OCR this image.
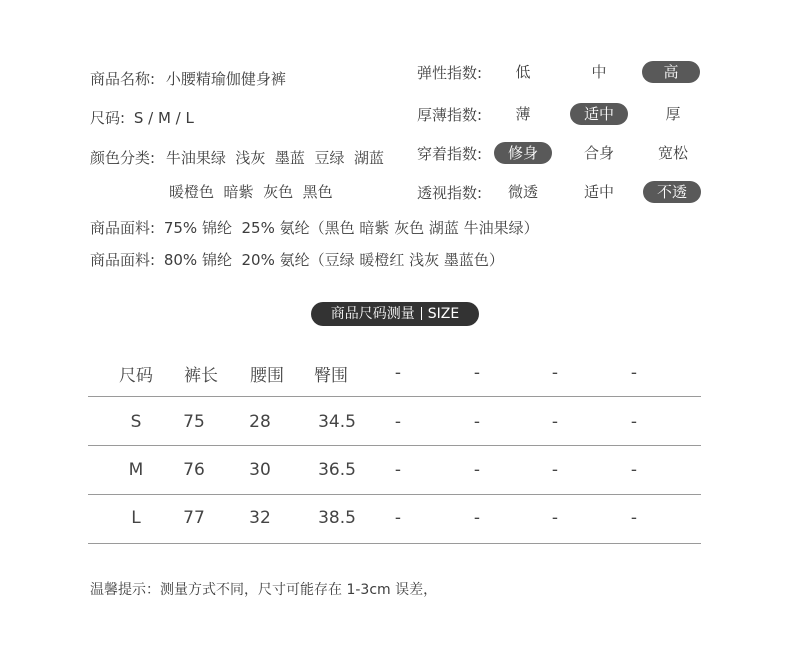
商品名称: 小腰精瑜伽健身裤
尺码: S / M / L
颜色分类: 牛油果绿  浅灰  墨蓝  豆绿  湖蓝
暖橙色  暗紫  灰色  黑色
商品面料: 75% 锦纶  25% 氨纶（黑色 暗紫 灰色 湖蓝 牛油果绿）
商品面料: 80% 锦纶  20% 氨纶（豆绿 暖橙红 浅灰 墨蓝色）
弹性指数:	低	中	高
厚薄指数:	薄	适中	厚
穿着指数:	修身	合身	宽松
透视指数:	微透	适中	不透
商品尺码测量 SIZE
尺码	裤长	腰围	臀围	-	-	-	-
S	75	28	34.5	-	-	-	-
M	76	30	36.5	-	-	-	-
L	77	32	38.5	-	-	-	-
温馨提示：测量方式不同，尺寸可能存在 1-3cm 误差，
